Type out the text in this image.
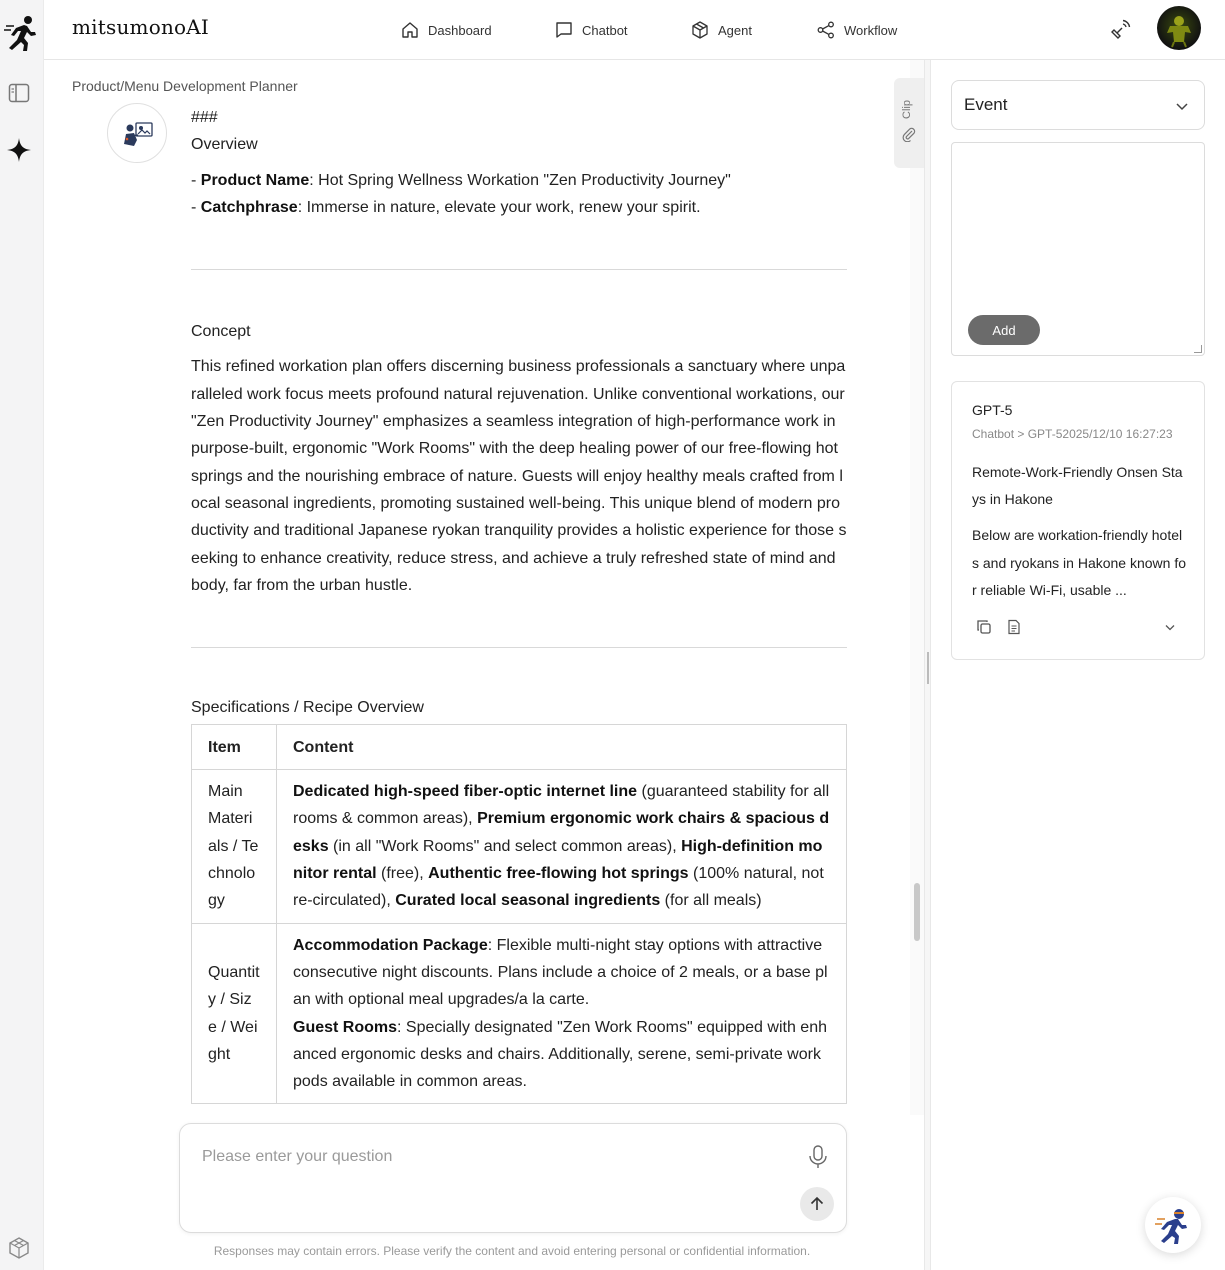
mitsumonoAI	Dashboard	Chatbot	Agent	Workflow
Product/Menu Development Planner

###

Overview

- Product Name: Hot Spring Wellness Workation "Zen Productivity Journey"

- Catchphrase: Immerse in nature, elevate your work, renew your spirit.

Concept

This refined workation plan offers discerning business professionals a sanctuary where unparalleled work focus meets profound natural rejuvenation. Unlike conventional workations, our "Zen Productivity Journey" emphasizes a seamless integration of high-performance work in purpose-built, ergonomic "Work Rooms" with the deep healing power of our free-flowing hot springs and the nourishing embrace of nature. Guests will enjoy healthy meals crafted from local seasonal ingredients, promoting sustained well-being. This unique blend of modern productivity and traditional Japanese ryokan tranquility provides a holistic experience for those seeking to enhance creativity, reduce stress, and achieve a truly refreshed state of mind and body, far from the urban hustle.

Specifications / Recipe Overview

Item	Content
Main Materials / Technology	Dedicated high-speed fiber-optic internet line (guaranteed stability for all rooms & common areas), Premium ergonomic work chairs & spacious desks (in all "Work Rooms" and select common areas), High-definition monitor rental (free), Authentic free-flowing hot springs (100% natural, not re-circulated), Curated local seasonal ingredients (for all meals)
Quantity / Size / Weight	Accommodation Package: Flexible multi-night stay options with attractive consecutive night discounts. Plans include a choice of 2 meals, or a base plan with optional meal upgrades/a la carte.
Guest Rooms: Specially designated "Zen Work Rooms" equipped with enhanced ergonomic desks and chairs. Additionally, serene, semi-private work pods available in common areas.
Clip
Please enter your question
Responses may contain errors. Please verify the content and avoid entering personal or confidential information.
Event
Add
GPT-5
Chatbot > GPT-52025/12/10 16:27:23
Remote-Work-Friendly Onsen Stays in Hakone
Below are workation-friendly hotels and ryokans in Hakone known for reliable Wi-Fi, usable ...
